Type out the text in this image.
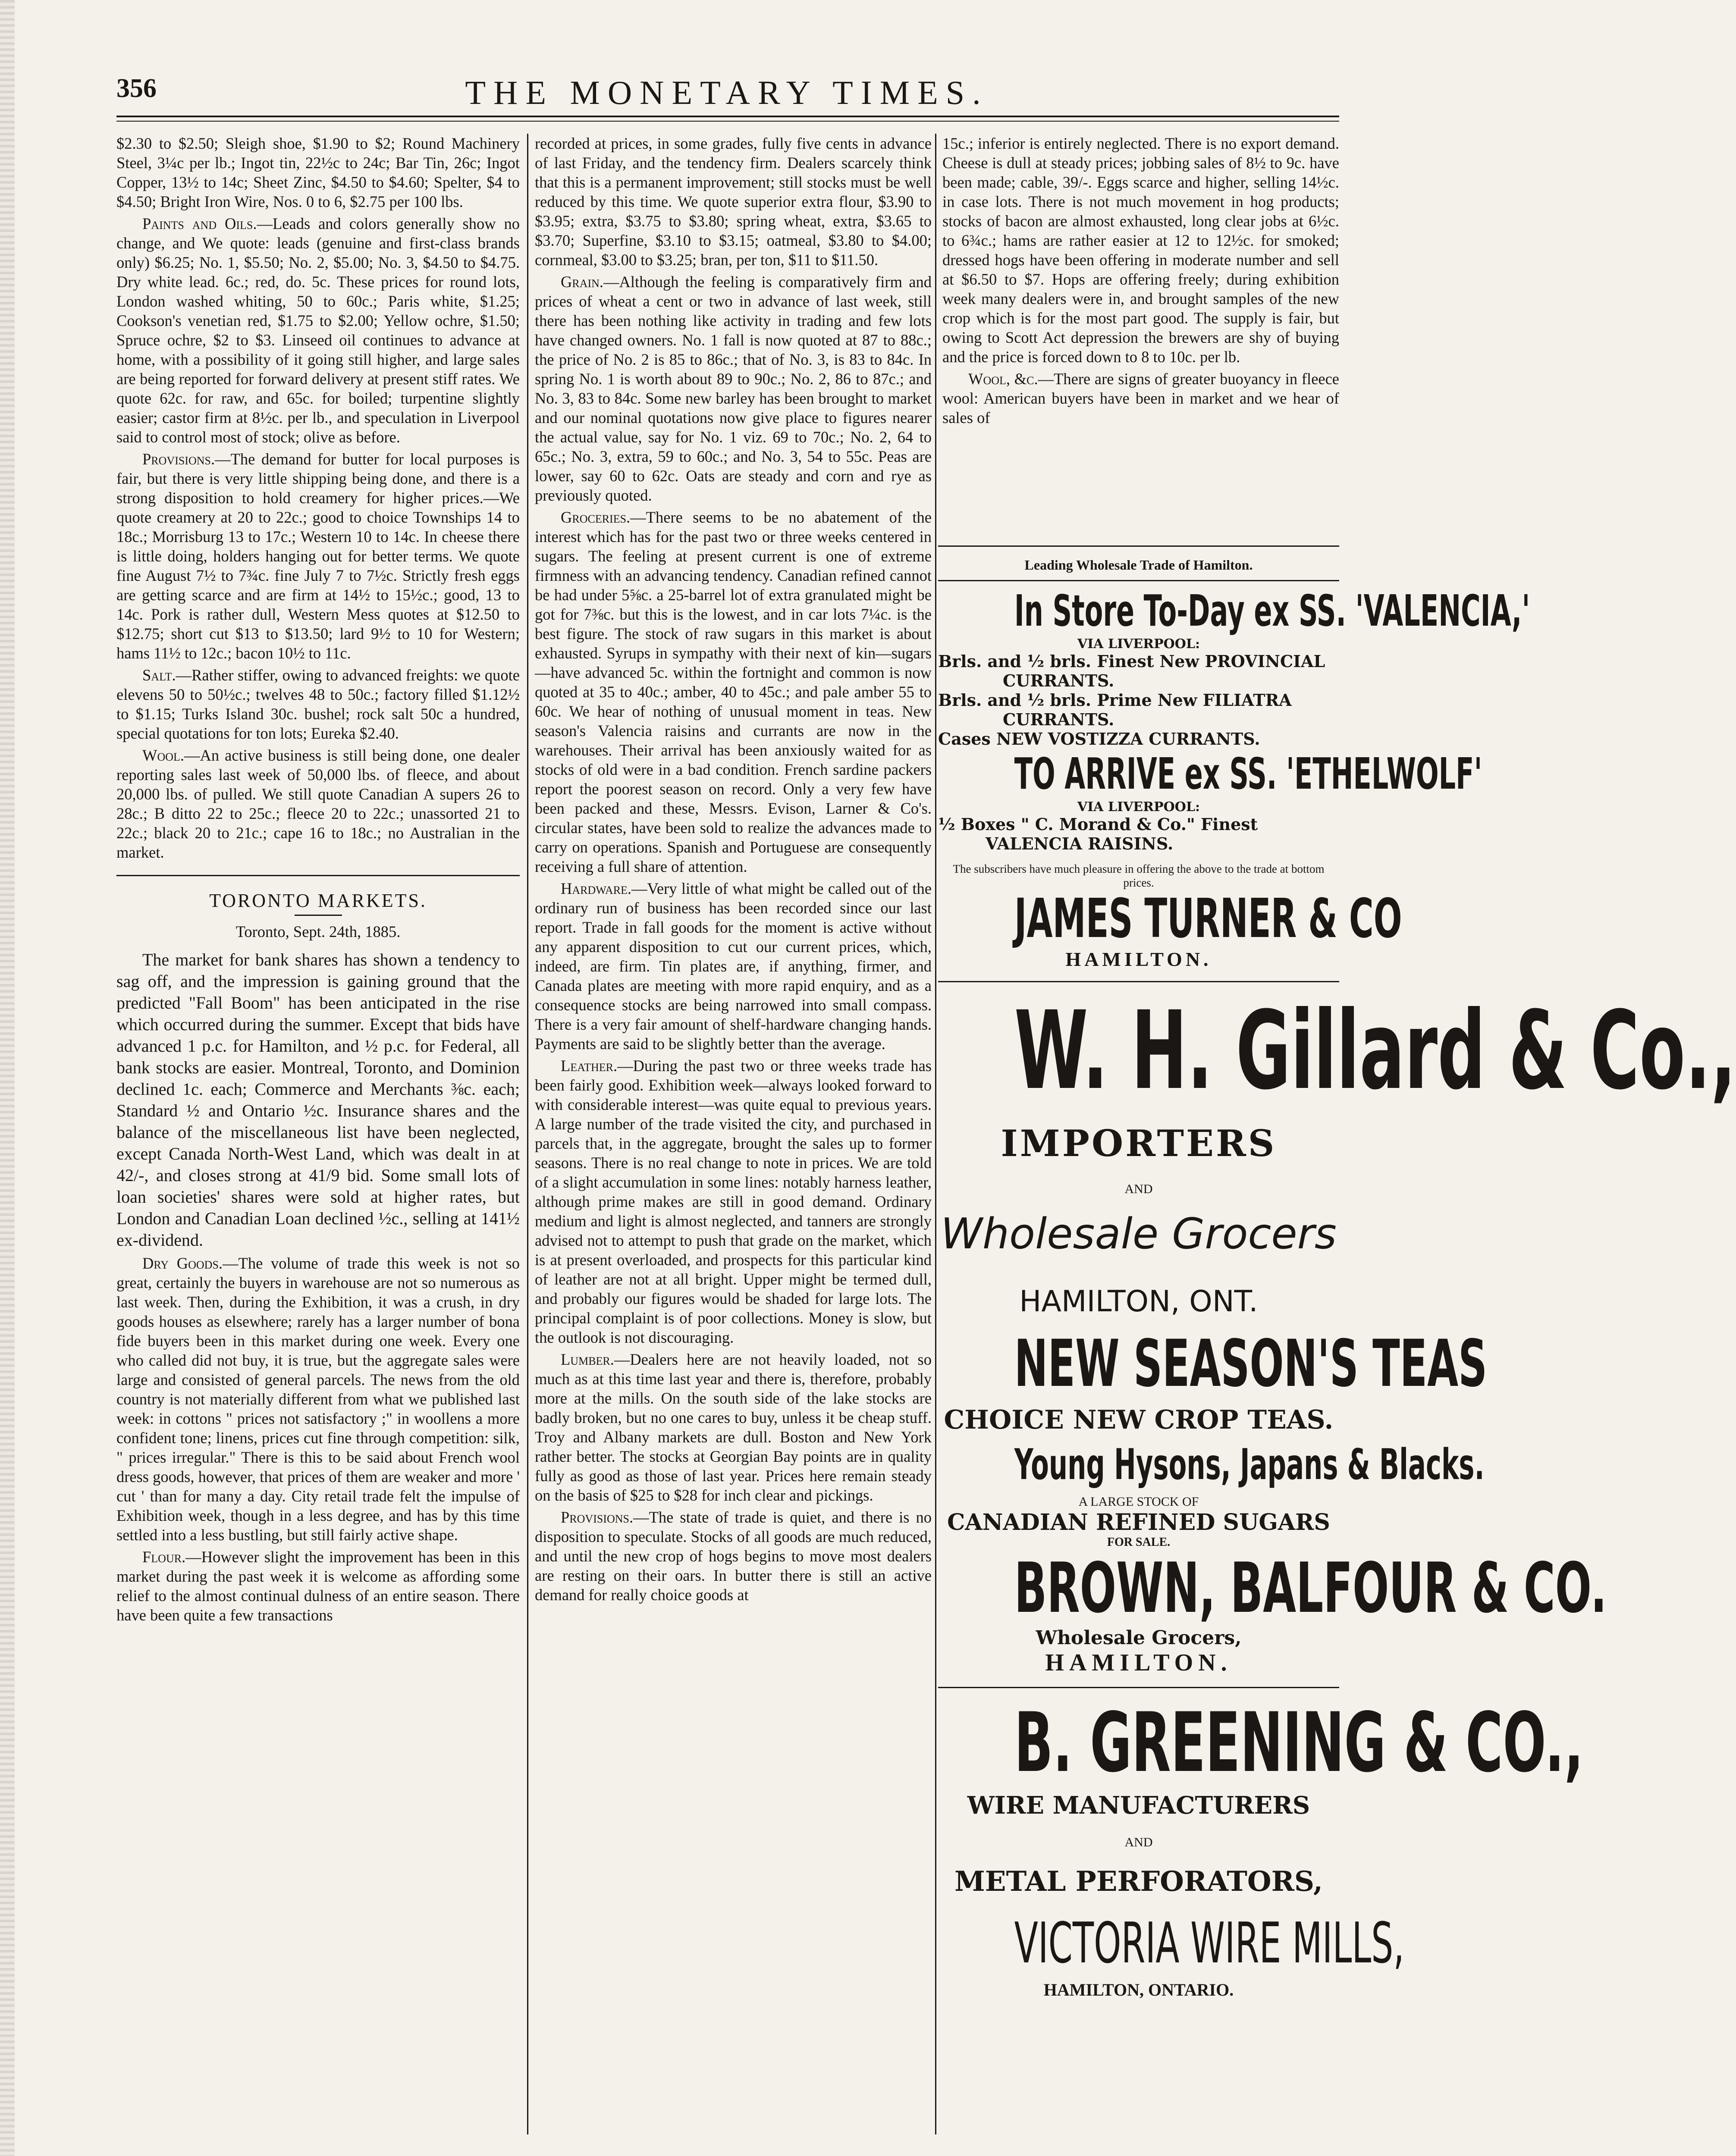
356	THE MONETARY TIMES.

$2.30 to $2.50; Sleigh shoe, $1.90 to $2; Round Machinery Steel, 3¼c per lb.; Ingot tin, 22½c to 24c; Bar Tin, 26c; Ingot Copper, 13½ to 14c; Sheet Zinc, $4.50 to $4.60; Spelter, $4 to $4.50; Bright Iron Wire, Nos. 0 to 6, $2.75 per 100 lbs.

Paints and Oils.—Leads and colors generally show no change, and We quote: leads (genuine and first-class brands only) $6.25; No. 1, $5.50; No. 2, $5.00; No. 3, $4.50 to $4.75. Dry white lead. 6c.; red, do. 5c. These prices for round lots, London washed whiting, 50 to 60c.; Paris white, $1.25; Cookson's venetian red, $1.75 to $2.00; Yellow ochre, $1.50; Spruce ochre, $2 to $3. Linseed oil continues to advance at home, with a possibility of it going still higher, and large sales are being reported for forward delivery at present stiff rates. We quote 62c. for raw, and 65c. for boiled; turpentine slightly easier; castor firm at 8½c. per lb., and speculation in Liverpool said to control most of stock; olive as before.

Provisions.—The demand for butter for local purposes is fair, but there is very little shipping being done, and there is a strong disposition to hold creamery for higher prices.—We quote creamery at 20 to 22c.; good to choice Townships 14 to 18c.; Morrisburg 13 to 17c.; Western 10 to 14c. In cheese there is little doing, holders hanging out for better terms. We quote fine August 7½ to 7¾c. fine July 7 to 7½c. Strictly fresh eggs are getting scarce and are firm at 14½ to 15½c.; good, 13 to 14c. Pork is rather dull, Western Mess quotes at $12.50 to $12.75; short cut $13 to $13.50; lard 9½ to 10 for Western; hams 11½ to 12c.; bacon 10½ to 11c.

Salt.—Rather stiffer, owing to advanced freights: we quote elevens 50 to 50½c.; twelves 48 to 50c.; factory filled $1.12½ to $1.15; Turks Island 30c. bushel; rock salt 50c a hundred, special quotations for ton lots; Eureka $2.40.

Wool.—An active business is still being done, one dealer reporting sales last week of 50,000 lbs. of fleece, and about 20,000 lbs. of pulled. We still quote Canadian A supers 26 to 28c.; B ditto 22 to 25c.; fleece 20 to 22c.; unassorted 21 to 22c.; black 20 to 21c.; cape 16 to 18c.; no Australian in the market.

TORONTO MARKETS.
Toronto, Sept. 24th, 1885.

The market for bank shares has shown a tendency to sag off, and the impression is gaining ground that the predicted "Fall Boom" has been anticipated in the rise which occurred during the summer. Except that bids have advanced 1 p.c. for Hamilton, and ½ p.c. for Federal, all bank stocks are easier. Montreal, Toronto, and Dominion declined 1c. each; Commerce and Merchants ⅜c. each; Standard ½ and Ontario ½c. Insurance shares and the balance of the miscellaneous list have been neglected, except Canada North-West Land, which was dealt in at 42/-, and closes strong at 41/9 bid. Some small lots of loan societies' shares were sold at higher rates, but London and Canadian Loan declined ½c., selling at 141½ ex-dividend.

Dry Goods.—The volume of trade this week is not so great, certainly the buyers in warehouse are not so numerous as last week. Then, during the Exhibition, it was a crush, in dry goods houses as elsewhere; rarely has a larger number of bona fide buyers been in this market during one week. Every one who called did not buy, it is true, but the aggregate sales were large and consisted of general parcels. The news from the old country is not materially different from what we published last week: in cottons " prices not satisfactory ;" in woollens a more confident tone; linens, prices cut fine through competition: silk, " prices irregular." There is this to be said about French wool dress goods, however, that prices of them are weaker and more ' cut ' than for many a day. City retail trade felt the impulse of Exhibition week, though in a less degree, and has by this time settled into a less bustling, but still fairly active shape.

Flour.—However slight the improvement has been in this market during the past week it is welcome as affording some relief to the almost continual dulness of an entire season. There have been quite a few transactions

recorded at prices, in some grades, fully five cents in advance of last Friday, and the tendency firm. Dealers scarcely think that this is a permanent improvement; still stocks must be well reduced by this time. We quote superior extra flour, $3.90 to $3.95; extra, $3.75 to $3.80; spring wheat, extra, $3.65 to $3.70; Superfine, $3.10 to $3.15; oatmeal, $3.80 to $4.00; cornmeal, $3.00 to $3.25; bran, per ton, $11 to $11.50.

Grain.—Although the feeling is comparatively firm and prices of wheat a cent or two in advance of last week, still there has been nothing like activity in trading and few lots have changed owners. No. 1 fall is now quoted at 87 to 88c.; the price of No. 2 is 85 to 86c.; that of No. 3, is 83 to 84c. In spring No. 1 is worth about 89 to 90c.; No. 2, 86 to 87c.; and No. 3, 83 to 84c. Some new barley has been brought to market and our nominal quotations now give place to figures nearer the actual value, say for No. 1 viz. 69 to 70c.; No. 2, 64 to 65c.; No. 3, extra, 59 to 60c.; and No. 3, 54 to 55c. Peas are lower, say 60 to 62c. Oats are steady and corn and rye as previously quoted.

Groceries.—There seems to be no abatement of the interest which has for the past two or three weeks centered in sugars. The feeling at present current is one of extreme firmness with an advancing tendency. Canadian refined cannot be had under 5⅝c. a 25-barrel lot of extra granulated might be got for 7⅜c. but this is the lowest, and in car lots 7¼c. is the best figure. The stock of raw sugars in this market is about exhausted. Syrups in sympathy with their next of kin—sugars—have advanced 5c. within the fortnight and common is now quoted at 35 to 40c.; amber, 40 to 45c.; and pale amber 55 to 60c. We hear of nothing of unusual moment in teas. New season's Valencia raisins and currants are now in the warehouses. Their arrival has been anxiously waited for as stocks of old were in a bad condition. French sardine packers report the poorest season on record. Only a very few have been packed and these, Messrs. Evison, Larner & Co's. circular states, have been sold to realize the advances made to carry on operations. Spanish and Portuguese are consequently receiving a full share of attention.

Hardware.—Very little of what might be called out of the ordinary run of business has been recorded since our last report. Trade in fall goods for the moment is active without any apparent disposition to cut our current prices, which, indeed, are firm. Tin plates are, if anything, firmer, and Canada plates are meeting with more rapid enquiry, and as a consequence stocks are being narrowed into small compass. There is a very fair amount of shelf-hardware changing hands. Payments are said to be slightly better than the average.

Leather.—During the past two or three weeks trade has been fairly good. Exhibition week—always looked forward to with considerable interest—was quite equal to previous years. A large number of the trade visited the city, and purchased in parcels that, in the aggregate, brought the sales up to former seasons. There is no real change to note in prices. We are told of a slight accumulation in some lines: notably harness leather, although prime makes are still in good demand. Ordinary medium and light is almost neglected, and tanners are strongly advised not to attempt to push that grade on the market, which is at present overloaded, and prospects for this particular kind of leather are not at all bright. Upper might be termed dull, and probably our figures would be shaded for large lots. The principal complaint is of poor collections. Money is slow, but the outlook is not discouraging.

Lumber.—Dealers here are not heavily loaded, not so much as at this time last year and there is, therefore, probably more at the mills. On the south side of the lake stocks are badly broken, but no one cares to buy, unless it be cheap stuff. Troy and Albany markets are dull. Boston and New York rather better. The stocks at Georgian Bay points are in quality fully as good as those of last year. Prices here remain steady on the basis of $25 to $28 for inch clear and pickings.

Provisions.—The state of trade is quiet, and there is no disposition to speculate. Stocks of all goods are much reduced, and until the new crop of hogs begins to move most dealers are resting on their oars. In butter there is still an active demand for really choice goods at

15c.; inferior is entirely neglected. There is no export demand. Cheese is dull at steady prices; jobbing sales of 8½ to 9c. have been made; cable, 39/-. Eggs scarce and higher, selling 14½c. in case lots. There is not much movement in hog products; stocks of bacon are almost exhausted, long clear jobs at 6½c. to 6¾c.; hams are rather easier at 12 to 12½c. for smoked; dressed hogs have been offering in moderate number and sell at $6.50 to $7. Hops are offering freely; during exhibition week many dealers were in, and brought samples of the new crop which is for the most part good. The supply is fair, but owing to Scott Act depression the brewers are shy of buying and the price is forced down to 8 to 10c. per lb.

Wool, &c.—There are signs of greater buoyancy in fleece wool: American buyers have been in market and we hear of sales of

Leading Wholesale Trade of Hamilton.
In Store To-Day ex SS. 'VALENCIA,'
VIA LIVERPOOL:
Brls. and ½ brls. Finest New PROVINCIAL
CURRANTS.
Brls. and ½ brls. Prime New FILIATRA
CURRANTS.
Cases NEW VOSTIZZA CURRANTS.
TO ARRIVE ex SS. 'ETHELWOLF'
VIA LIVERPOOL:
½ Boxes " C. Morand & Co." Finest
VALENCIA RAISINS.
The subscribers have much pleasure in offering the above to the trade at bottom prices.
JAMES TURNER & CO
HAMILTON.
W. H. Gillard & Co.,
IMPORTERS
AND
Wholesale Grocers
HAMILTON, ONT.
NEW SEASON'S TEAS
CHOICE NEW CROP TEAS.
Young Hysons, Japans & Blacks.
A LARGE STOCK OF
CANADIAN REFINED SUGARS
FOR SALE.
BROWN, BALFOUR & CO.
Wholesale Grocers,
HAMILTON.
B. GREENING & CO.,
WIRE MANUFACTURERS
AND
METAL PERFORATORS,
VICTORIA WIRE MILLS,
HAMILTON, ONTARIO.
